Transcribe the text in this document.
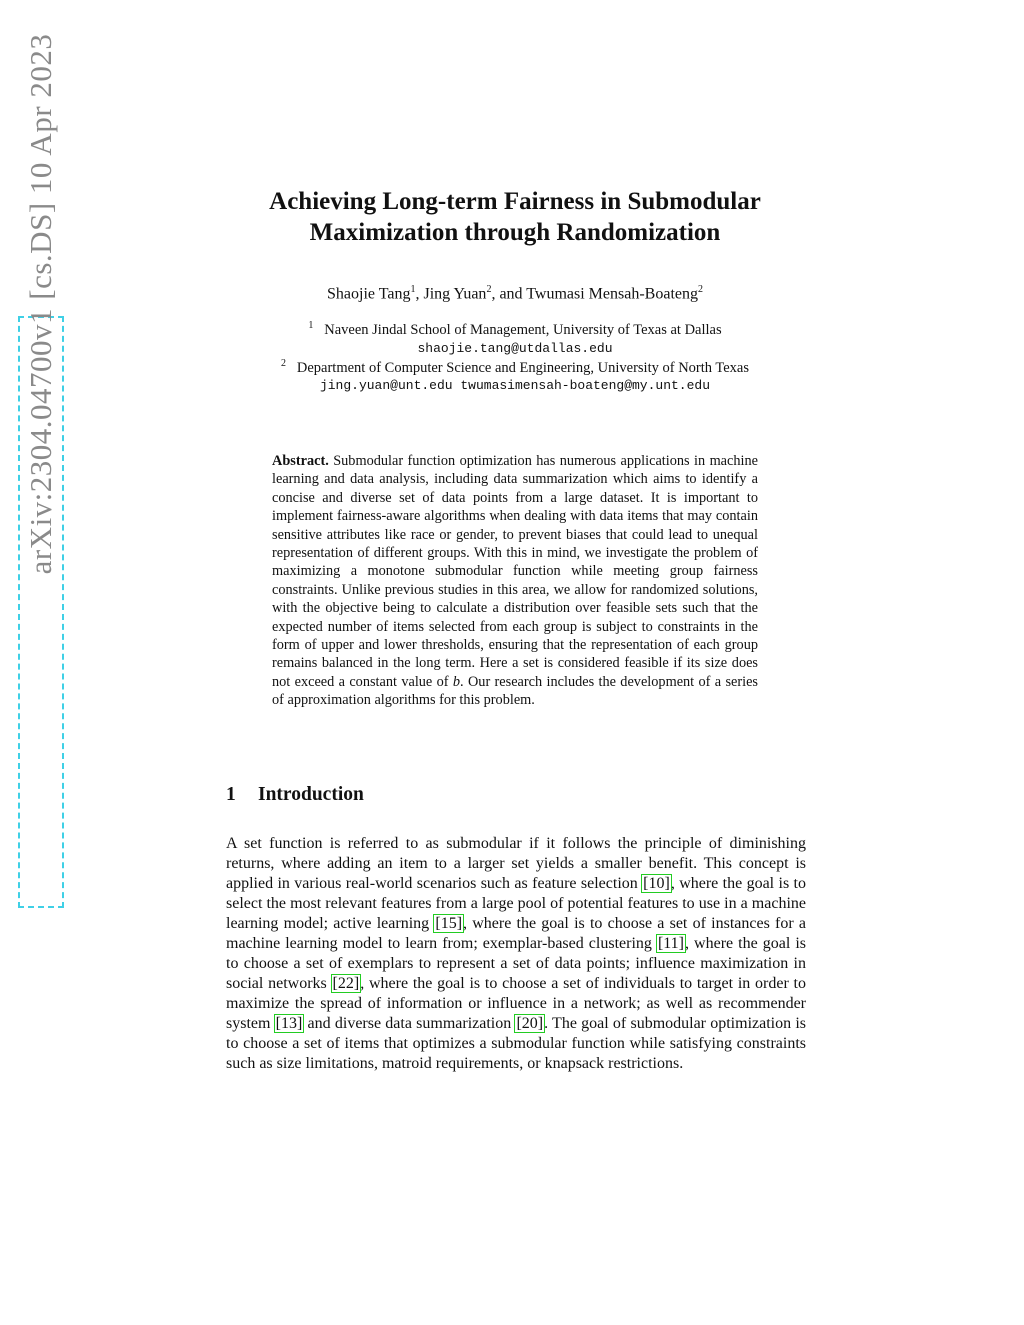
arXiv:2304.04700v1 [cs.DS] 10 Apr 2023	Achieving Long-term Fairness in Submodular
Maximization through Randomization
Shaojie Tang$^1$, Jing Yuan$^2$, and Twumasi Mensah-Boateng$^2$
$^1$ Naveen Jindal School of Management, University of Texas at Dallas
shaojie.tang@utdallas.edu
$^2$ Department of Computer Science and Engineering, University of North Texas
jing.yuan@unt.edu twumasimensah-boateng@my.unt.edu
Abstract. Submodular function optimization has numerous applications in machine learning and data analysis, including data summarization which aims to identify a concise and diverse set of data points from a large dataset. It is important to implement fairness-aware algorithms when dealing with data items that may contain sensitive attributes like race or gender, to prevent biases that could lead to unequal representation of different groups. With this in mind, we investigate the problem of maximizing a monotone submodular function while meeting group fairness constraints. Unlike previous studies in this area, we allow for randomized solutions, with the objective being to calculate a distribution over feasible sets such that the expected number of items selected from each group is subject to constraints in the form of upper and lower thresholds, ensuring that the representation of each group remains balanced in the long term. Here a set is considered feasible if its size does not exceed a constant value of b. Our research includes the development of a series of approximation algorithms for this problem.
1 Introduction
A set function is referred to as submodular if it follows the principle of diminishing returns, where adding an item to a larger set yields a smaller benefit. This concept is applied in various real-world scenarios such as feature selection [10], where the goal is to select the most relevant features from a large pool of potential features to use in a machine learning model; active learning [15], where the goal is to choose a set of instances for a machine learning model to learn from; exemplar-based clustering [11], where the goal is to choose a set of exemplars to represent a set of data points; influence maximization in social networks [22], where the goal is to choose a set of individuals to target in order to maximize the spread of information or influence in a network; as well as recommender system [13] and diverse data summarization [20]. The goal of submodular optimization is to choose a set of items that optimizes a submodular function while satisfying constraints such as size limitations, matroid requirements, or knapsack restrictions.
